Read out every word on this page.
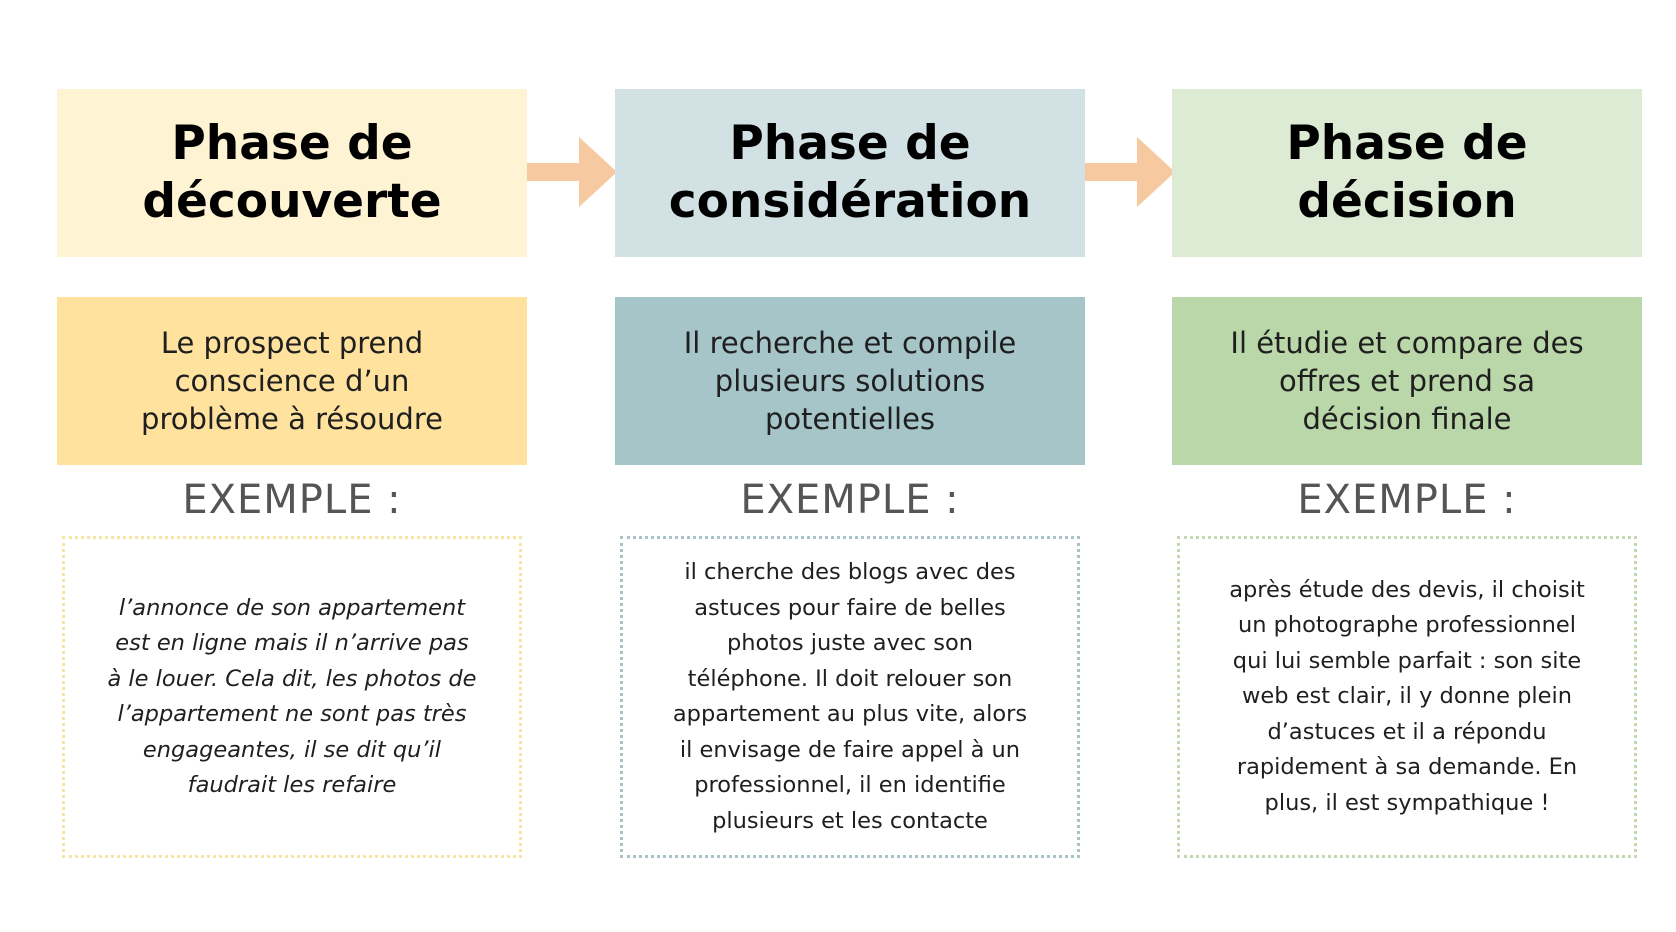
Phase de
découverte
Le prospect prend
conscience d’un
problème à résoudre
EXEMPLE :
l’annonce de son appartement
est en ligne mais il n’arrive pas
à le louer. Cela dit, les photos de
l’appartement ne sont pas très
engageantes, il se dit qu’il
faudrait les refaire
Phase de
considération
Il recherche et compile
plusieurs solutions
potentielles
EXEMPLE :
il cherche des blogs avec des
astuces pour faire de belles
photos juste avec son
téléphone. Il doit relouer son
appartement au plus vite, alors
il envisage de faire appel à un
professionnel, il en identifie
plusieurs et les contacte
Phase de
décision
Il étudie et compare des
offres et prend sa
décision finale
EXEMPLE :
après étude des devis, il choisit
un photographe professionnel
qui lui semble parfait : son site
web est clair, il y donne plein
d’astuces et il a répondu
rapidement à sa demande. En
plus, il est sympathique !
